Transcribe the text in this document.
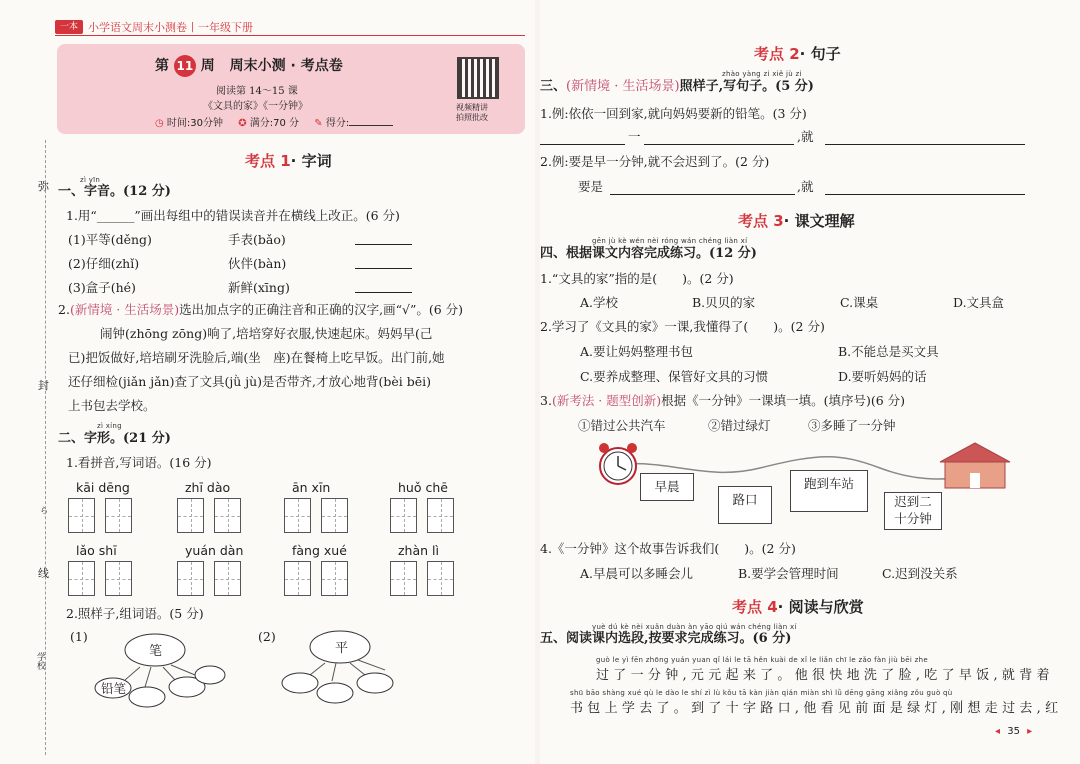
一本 小学语文周末小测卷丨一年级下册
第 11 周 周末小测 · 考点卷
阅读第 14～15 课
《文具的家》《一分钟》
◷ 时间:30分钟 ✪ 满分:70 分 ✎ 得分:
视频精讲
拍照批改
弥
封
ら
线
学校
考点 1· 字词
zì yīn
一、字音。(12 分)
1.用“______”画出每组中的错误读音并在横线上改正。(6 分)
(1)平等(děng)	手表(bǎo)
(2)仔细(zhǐ)	伙伴(bàn)
(3)盒子(hé)	新鲜(xīng)
2.(新情境 · 生活场景)选出加点字的正确注音和正确的汉字,画“√”。(6 分)
闹钟(zhōng zōng)响了,培培穿好衣服,快速起床。妈妈早(己
已)把饭做好,培培刷牙洗脸后,端(坐　座)在餐椅上吃早饭。出门前,她
还仔细检(jiǎn jǎn)查了文具(jǜ jù)是否带齐,才放心地背(bèi bēi)
上书包去学校。
zì xíng
二、字形。(21 分)
1.看拼音,写词语。(16 分)
kāi dēng	zhī dào	ān xīn	huǒ chē
lǎo shī	yuán dàn	fàng xué	zhàn lì
2.照样子,组词语。(5 分)
(1)	(2)
笔
铅笔
平
考点 2· 句子
zhào yàng zi xiě jù zi
三、(新情境 · 生活场景)照样子,写句子。(5 分)
1.例:依依一回到家,就向妈妈要新的铅笔。(3 分)
一	,就
2.例:要是早一分钟,就不会迟到了。(2 分)
要是	,就
考点 3· 课文理解
gēn jù kè wén nèi róng wán chéng liàn xí
四、根据课文内容完成练习。(12 分)
1.“文具的家”指的是(　　)。(2 分)
A.学校	B.贝贝的家	C.课桌	D.文具盒
2.学习了《文具的家》一课,我懂得了(　　)。(2 分)
A.要让妈妈整理书包	B.不能总是买文具
C.要养成整理、保管好文具的习惯	D.要听妈妈的话
3.(新考法 · 题型创新)根据《一分钟》一课填一填。(填序号)(6 分)
①错过公共汽车	②错过绿灯	③多睡了一分钟
早晨
路口
跑到车站
迟到二
十分钟
4.《一分钟》这个故事告诉我们(　　)。(2 分)
A.早晨可以多睡会儿	B.要学会管理时间	C.迟到没关系
考点 4· 阅读与欣赏
yuè dú kè nèi xuǎn duàn àn yāo qiú wán chéng liàn xí
五、阅读课内选段,按要求完成练习。(6 分)
guò le yì fēn zhōng yuán yuan qǐ lái le tā hěn kuài de xǐ le liǎn chī le zǎo fàn jiù bēi zhe
过了一分钟,元元起来了。他很快地洗了脸,吃了早饭,就背着
shū bāo shàng xué qù le dào le shí zì lù kǒu tā kàn jiàn qián miàn shì lǜ dēng gāng xiǎng zǒu guò qù
书包上学去了。到了十字路口,他看见前面是绿灯,刚想走过去,红
◂ 35 ▸
